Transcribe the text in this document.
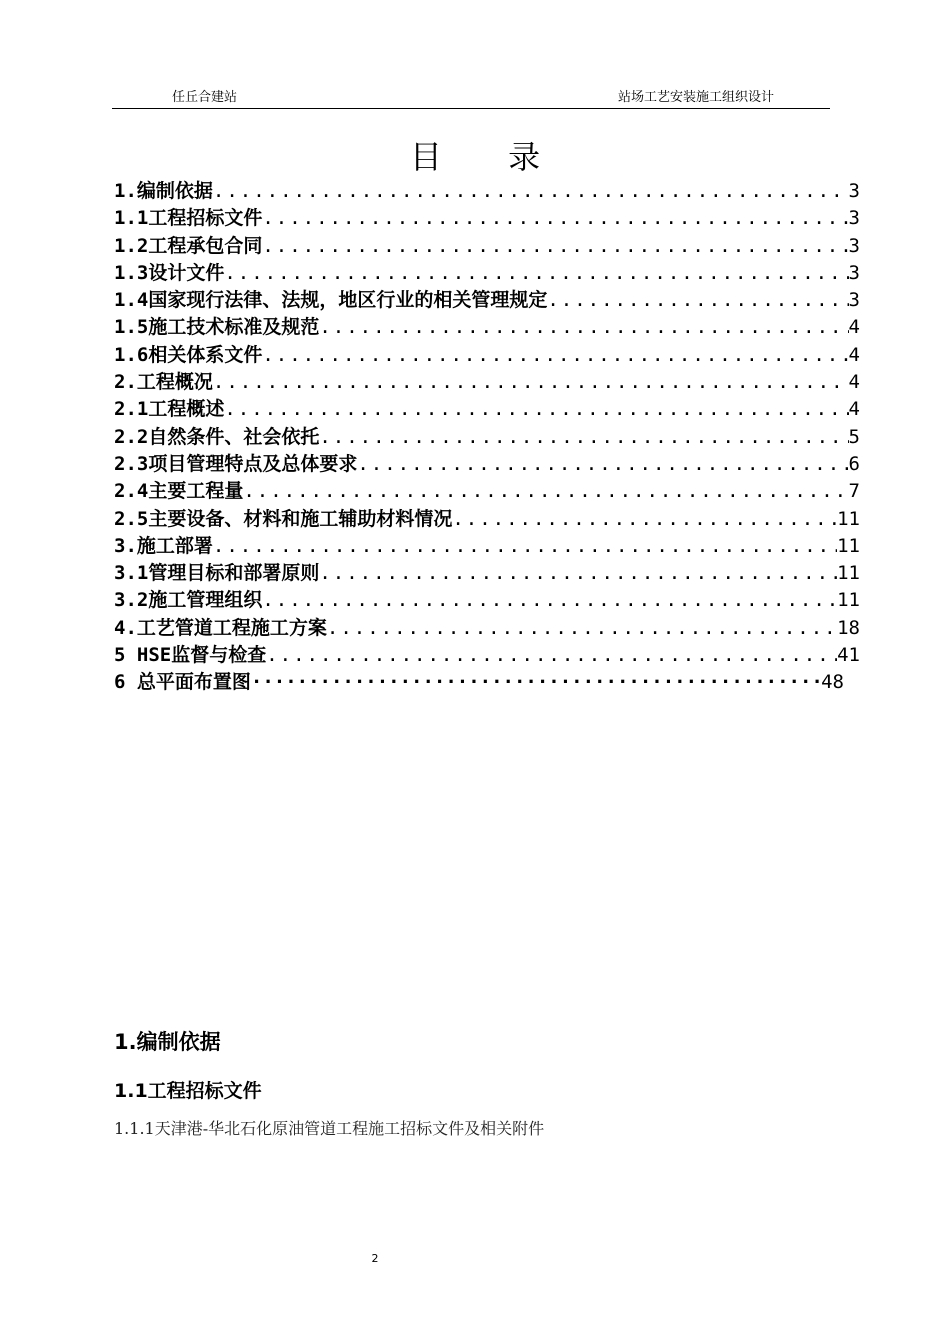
任丘合建站	站场工艺安装施工组织设计
目 录
1.编制依据 .....	3
1.1工程招标文件 .....	3
1.2工程承包合同 .....	3
1.3设计文件 .....	3
1.4国家现行法律、法规，地区行业的相关管理规定 .....	3
1.5施工技术标准及规范 .....	4
1.6相关体系文件 .....	4
2.工程概况 .....	4
2.1工程概述 .....	4
2.2自然条件、社会依托 .....	5
2.3项目管理特点及总体要求 .....	6
2.4主要工程量 .....	7
2.5主要设备、材料和施工辅助材料情况 .....	11
3.施工部署 .....	11
3.1管理目标和部署原则 .....	11
3.2施工管理组织 .....	11
4.工艺管道工程施工方案 .....	18
5 HSE监督与检查 .....	41
6 总平面布置图 ·····	48
1.编制依据
1.1工程招标文件
1.1.1天津港-华北石化原油管道工程施工招标文件及相关附件
2
